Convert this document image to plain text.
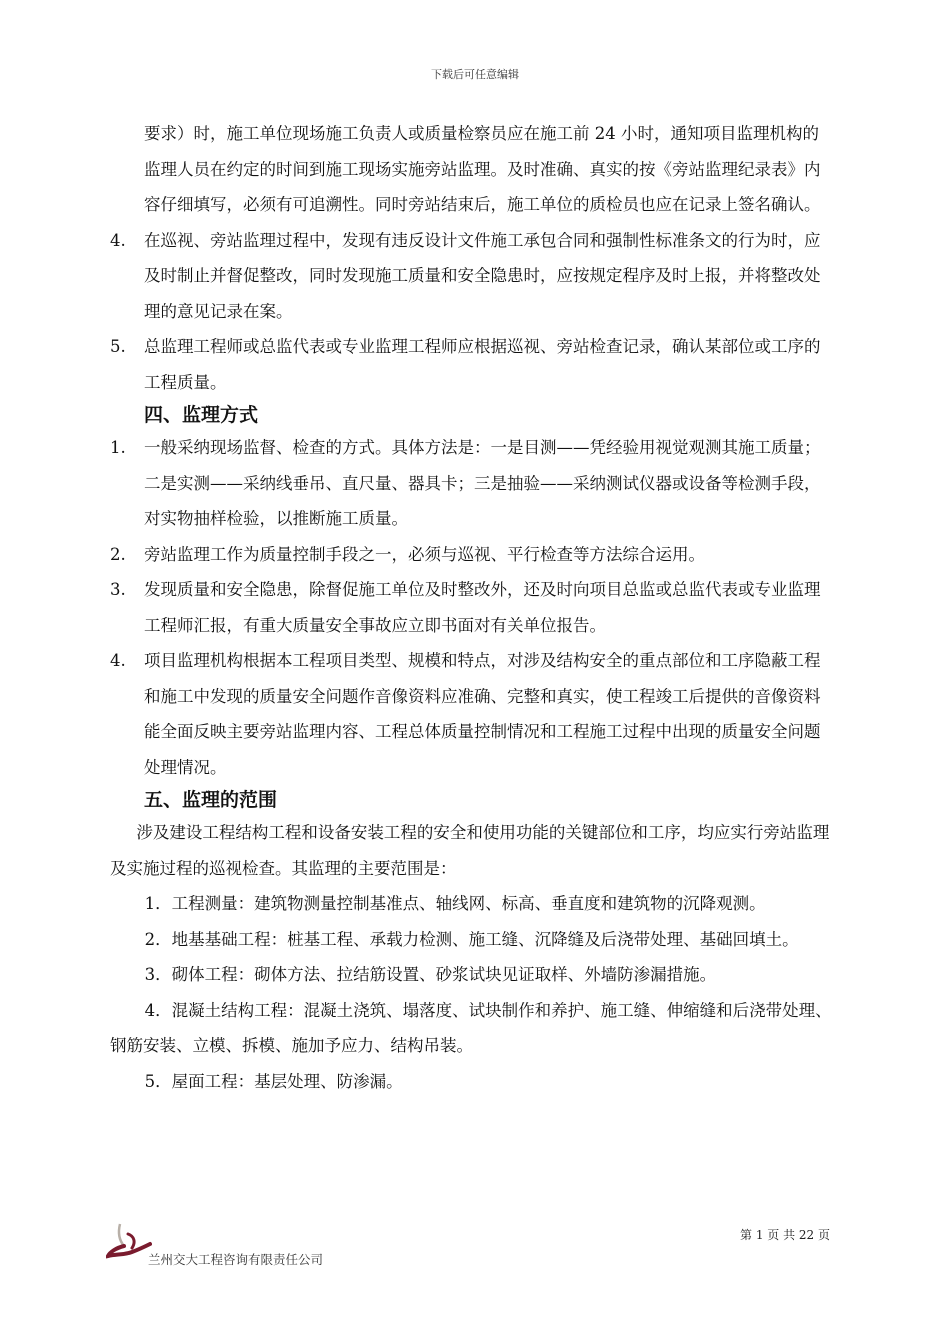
下载后可任意编辑
要求）时，施工单位现场施工负责人或质量检察员应在施工前 24 小时，通知项目监理机构的监理人员在约定的时间到施工现场实施旁站监理。及时准确、真实的按《旁站监理纪录表》内容仔细填写，必须有可追溯性。同时旁站结束后，施工单位的质检员也应在记录上签名确认。
4. 在巡视、旁站监理过程中，发现有违反设计文件施工承包合同和强制性标准条文的行为时，应及时制止并督促整改，同时发现施工质量和安全隐患时，应按规定程序及时上报，并将整改处理的意见记录在案。
5. 总监理工程师或总监代表或专业监理工程师应根据巡视、旁站检查记录，确认某部位或工序的工程质量。
四、监理方式
1. 一般采纳现场监督、检查的方式。具体方法是：一是目测——凭经验用视觉观测其施工质量；二是实测——采纳线垂吊、直尺量、器具卡；三是抽验——采纳测试仪器或设备等检测手段，对实物抽样检验，以推断施工质量。
2. 旁站监理工作为质量控制手段之一，必须与巡视、平行检查等方法综合运用。
3. 发现质量和安全隐患，除督促施工单位及时整改外，还及时向项目总监或总监代表或专业监理工程师汇报，有重大质量安全事故应立即书面对有关单位报告。
4. 项目监理机构根据本工程项目类型、规模和特点，对涉及结构安全的重点部位和工序隐蔽工程和施工中发现的质量安全问题作音像资料应准确、完整和真实，使工程竣工后提供的音像资料能全面反映主要旁站监理内容、工程总体质量控制情况和工程施工过程中出现的质量安全问题处理情况。
五、监理的范围
涉及建设工程结构工程和设备安装工程的安全和使用功能的关键部位和工序，均应实行旁站监理及实施过程的巡视检查。其监理的主要范围是：
1．工程测量：建筑物测量控制基准点、轴线网、标高、垂直度和建筑物的沉降观测。
2．地基基础工程：桩基工程、承载力检测、施工缝、沉降缝及后浇带处理、基础回填土。
3．砌体工程：砌体方法、拉结筋设置、砂浆试块见证取样、外墙防渗漏措施。
4．混凝土结构工程：混凝土浇筑、塌落度、试块制作和养护、施工缝、伸缩缝和后浇带处理、钢筋安装、立模、拆模、施加予应力、结构吊装。
5．屋面工程：基层处理、防渗漏。
第 1 页 共 22 页
兰州交大工程咨询有限责任公司
